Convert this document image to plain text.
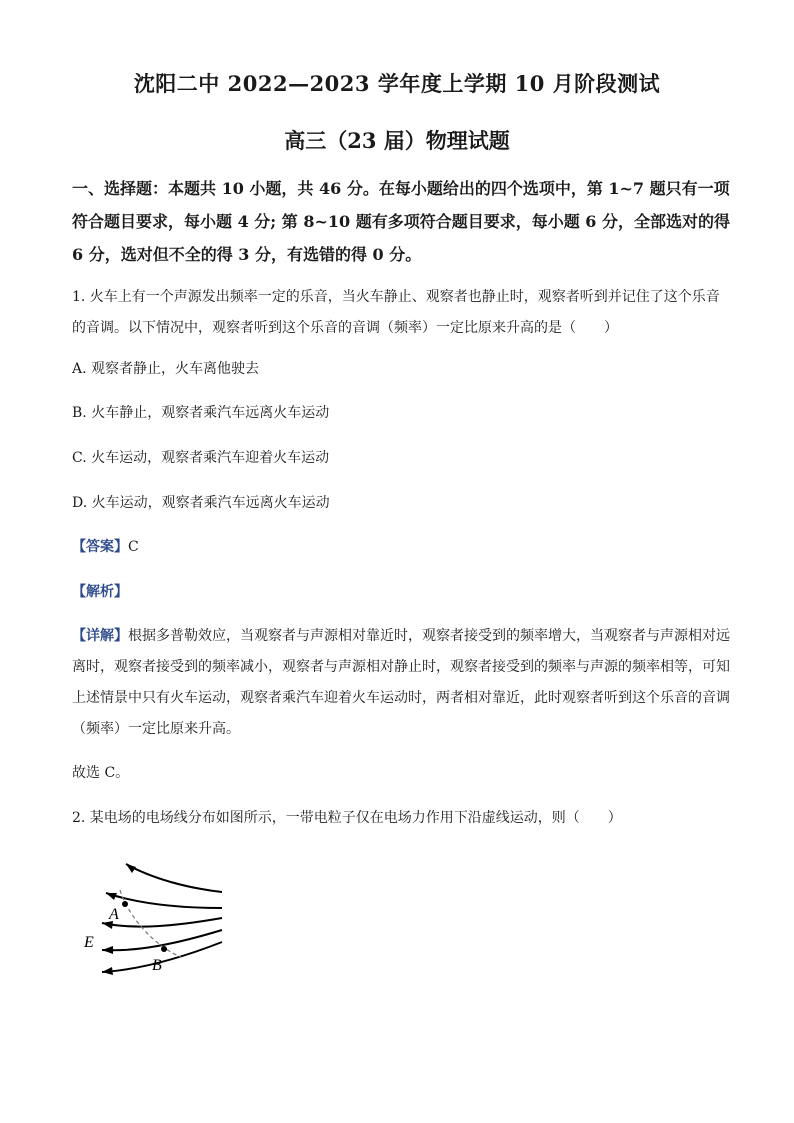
沈阳二中 2022—2023 学年度上学期 10 月阶段测试
高三（23 届）物理试题

一、选择题：本题共 10 小题，共 46 分。在每小题给出的四个选项中，第 1~7 题只有一项符合题目要求，每小题 4 分; 第 8~10 题有多项符合题目要求，每小题 6 分，全部选对的得 6 分，选对但不全的得 3 分，有选错的得 0 分。

1. 火车上有一个声源发出频率一定的乐音，当火车静止、观察者也静止时，观察者听到并记住了这个乐音的音调。以下情况中，观察者听到这个乐音的音调（频率）一定比原来升高的是（　　）

A. 观察者静止，火车离他驶去

B. 火车静止，观察者乘汽车远离火车运动

C. 火车运动，观察者乘汽车迎着火车运动

D. 火车运动，观察者乘汽车远离火车运动

【答案】C

【解析】

【详解】根据多普勒效应，当观察者与声源相对靠近时，观察者接受到的频率增大，当观察者与声源相对远离时，观察者接受到的频率减小，观察者与声源相对静止时，观察者接受到的频率与声源的频率相等，可知上述情景中只有火车运动，观察者乘汽车迎着火车运动时，两者相对靠近，此时观察者听到这个乐音的音调（频率）一定比原来升高。

故选 C。

2. 某电场的电场线分布如图所示，一带电粒子仅在电场力作用下沿虚线运动，则（　　）

A
B
E
